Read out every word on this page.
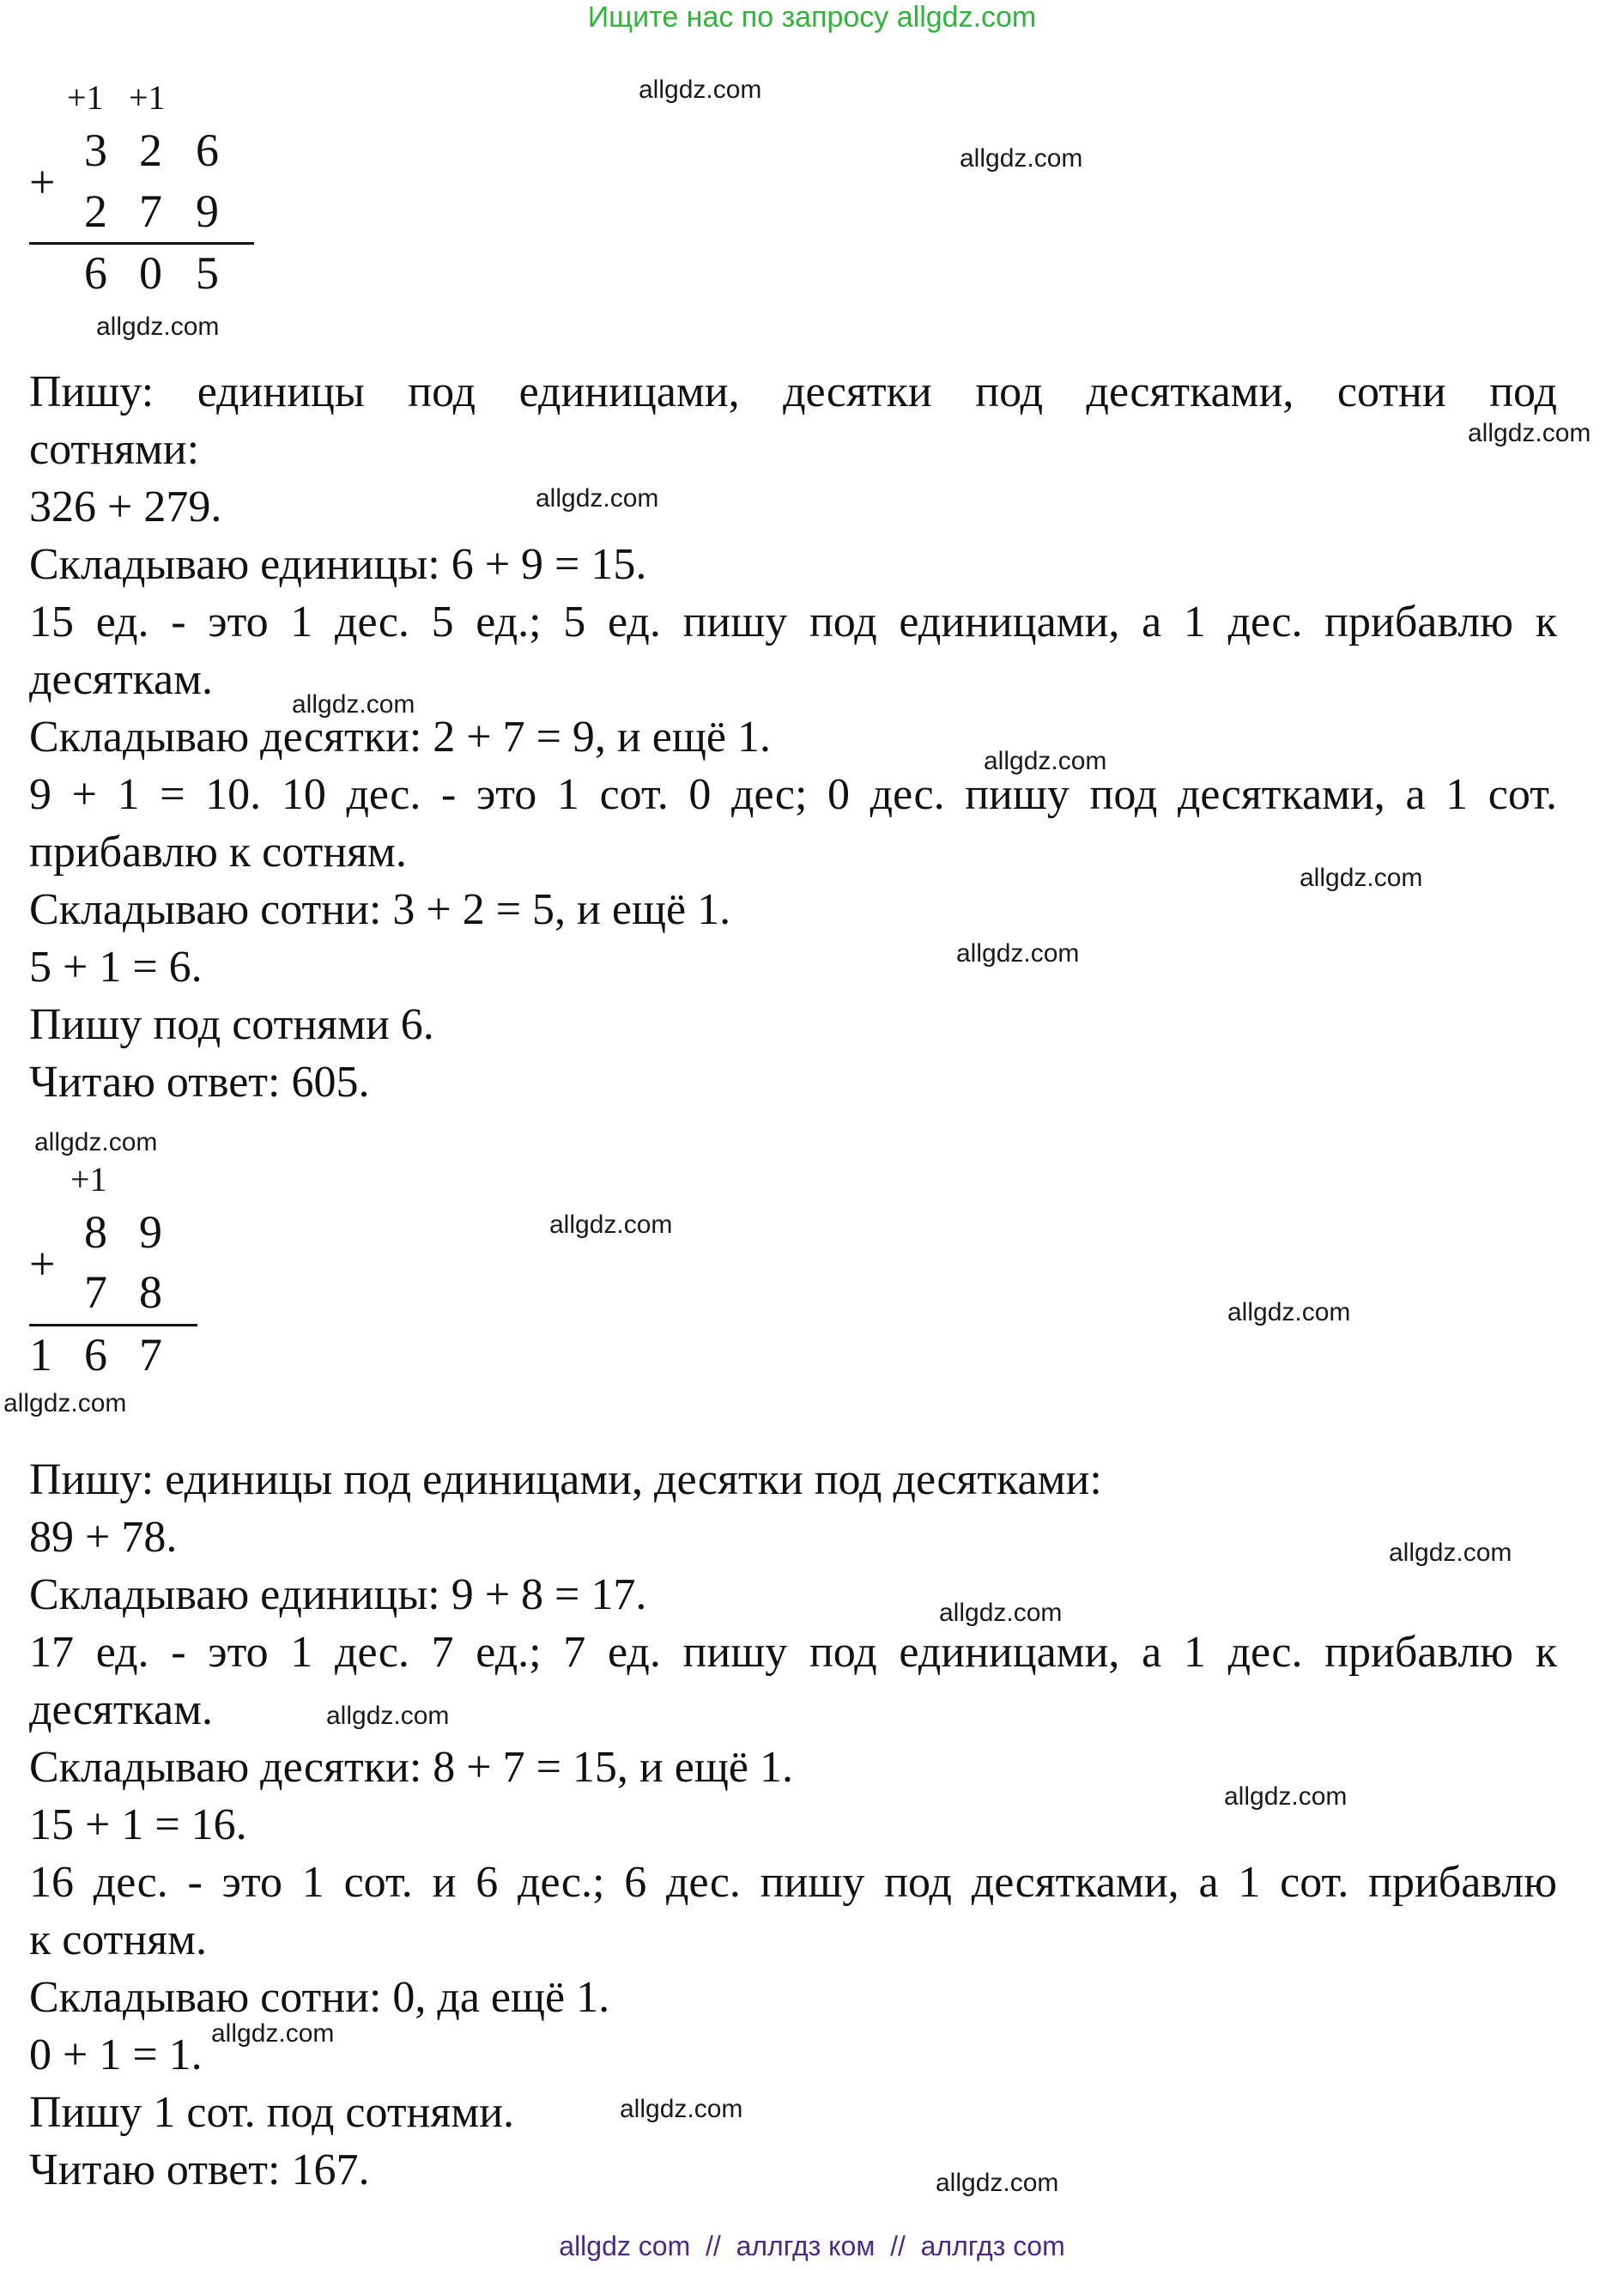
Ищите нас по запросу allgdz.com
+1 +1
+
3 2 6
2 7 9
6 0 5
Пишу: единицы под единицами, десятки под десятками, сотни под
сотнями:
326 + 279.
Складываю единицы: 6 + 9 = 15.
15 ед. - это 1 дес. 5 ед.; 5 ед. пишу под единицами, а 1 дес. прибавлю к
десяткам.
Складываю десятки: 2 + 7 = 9, и ещё 1.
9 + 1 = 10. 10 дес. - это 1 сот. 0 дес; 0 дес. пишу под десятками, а 1 сот.
прибавлю к сотням.
Складываю сотни: 3 + 2 = 5, и ещё 1.
5 + 1 = 6.
Пишу под сотнями 6.
Читаю ответ: 605.
+1
+
8 9
7 8
1 6 7
Пишу: единицы под единицами, десятки под десятками:
89 + 78.
Складываю единицы: 9 + 8 = 17.
17 ед. - это 1 дес. 7 ед.; 7 ед. пишу под единицами, а 1 дес. прибавлю к
десяткам.
Складываю десятки: 8 + 7 = 15, и ещё 1.
15 + 1 = 16.
16 дес. - это 1 сот. и 6 дес.; 6 дес. пишу под десятками, а 1 сот. прибавлю
к сотням.
Складываю сотни: 0, да ещё 1.
0 + 1 = 1.
Пишу 1 сот. под сотнями.
Читаю ответ: 167.
allgdz.com
allgdz.com
allgdz.com
allgdz.com
allgdz.com
allgdz.com
allgdz.com
allgdz.com
allgdz.com
allgdz.com
allgdz.com
allgdz.com
allgdz.com
allgdz.com
allgdz.com
allgdz.com
allgdz.com
allgdz.com
allgdz.com
allgdz.com
allgdz com  //  аллгдз ком  //  аллгдз com
